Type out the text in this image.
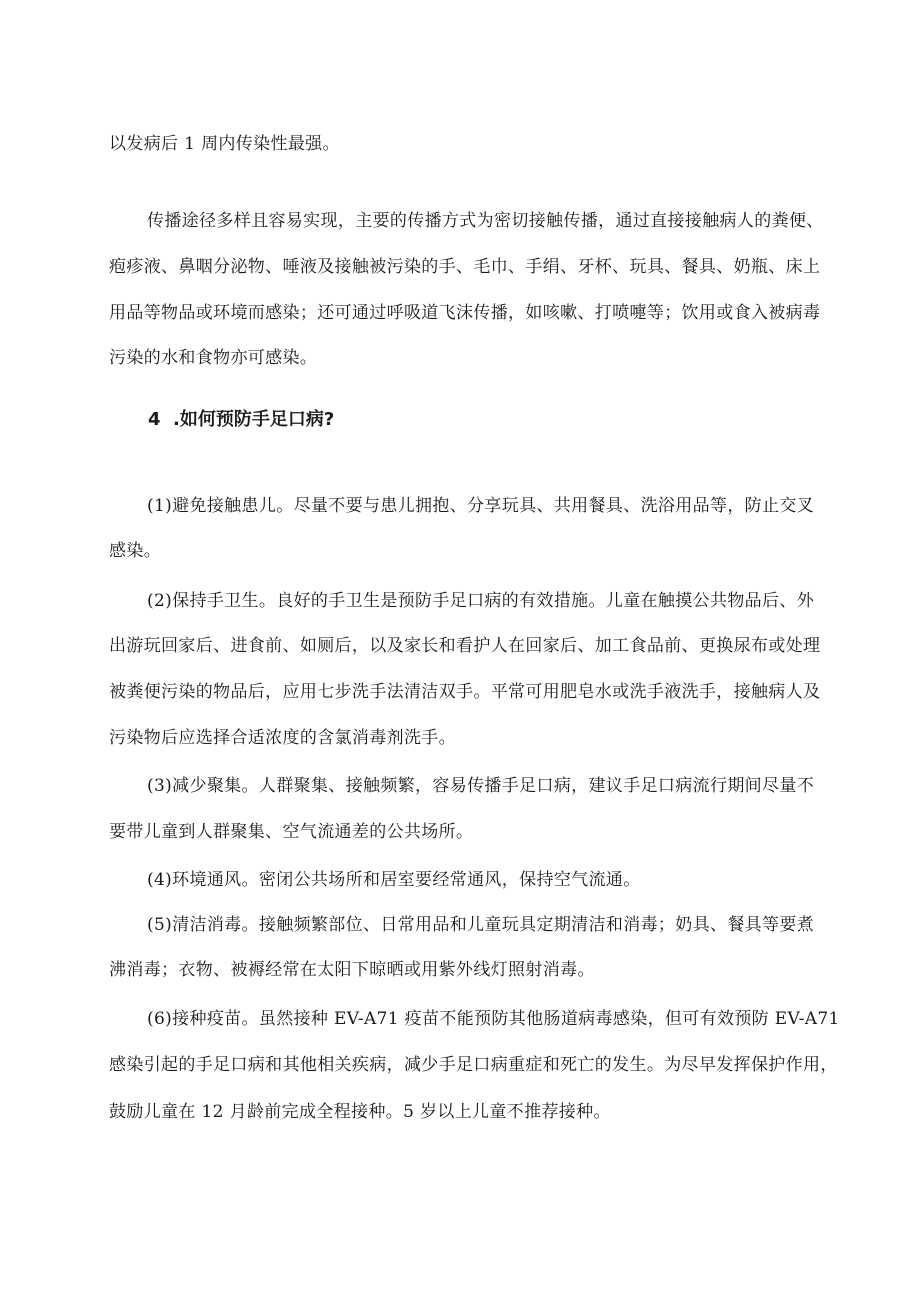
以发病后 1 周内传染性最强。
传播途径多样且容易实现，主要的传播方式为密切接触传播，通过直接接触病人的粪便、
疱疹液、鼻咽分泌物、唾液及接触被污染的手、毛巾、手绢、牙杯、玩具、餐具、奶瓶、床上
用品等物品或环境而感染；还可通过呼吸道飞沫传播，如咳嗽、打喷嚏等；饮用或食入被病毒
污染的水和食物亦可感染。
4  .如何预防手足口病?
(1)避免接触患儿。尽量不要与患儿拥抱、分享玩具、共用餐具、洗浴用品等，防止交叉
感染。
(2)保持手卫生。良好的手卫生是预防手足口病的有效措施。儿童在触摸公共物品后、外
出游玩回家后、进食前、如厕后，以及家长和看护人在回家后、加工食品前、更换尿布或处理
被粪便污染的物品后，应用七步洗手法清洁双手。平常可用肥皂水或洗手液洗手，接触病人及
污染物后应选择合适浓度的含氯消毒剂洗手。
(3)减少聚集。人群聚集、接触频繁，容易传播手足口病，建议手足口病流行期间尽量不
要带儿童到人群聚集、空气流通差的公共场所。
(4)环境通风。密闭公共场所和居室要经常通风，保持空气流通。
(5)清洁消毒。接触频繁部位、日常用品和儿童玩具定期清洁和消毒；奶具、餐具等要煮
沸消毒；衣物、被褥经常在太阳下晾晒或用紫外线灯照射消毒。
(6)接种疫苗。虽然接种 EV-A71 疫苗不能预防其他肠道病毒感染，但可有效预防 EV-A71
感染引起的手足口病和其他相关疾病，减少手足口病重症和死亡的发生。为尽早发挥保护作用，
鼓励儿童在 12 月龄前完成全程接种。5 岁以上儿童不推荐接种。
